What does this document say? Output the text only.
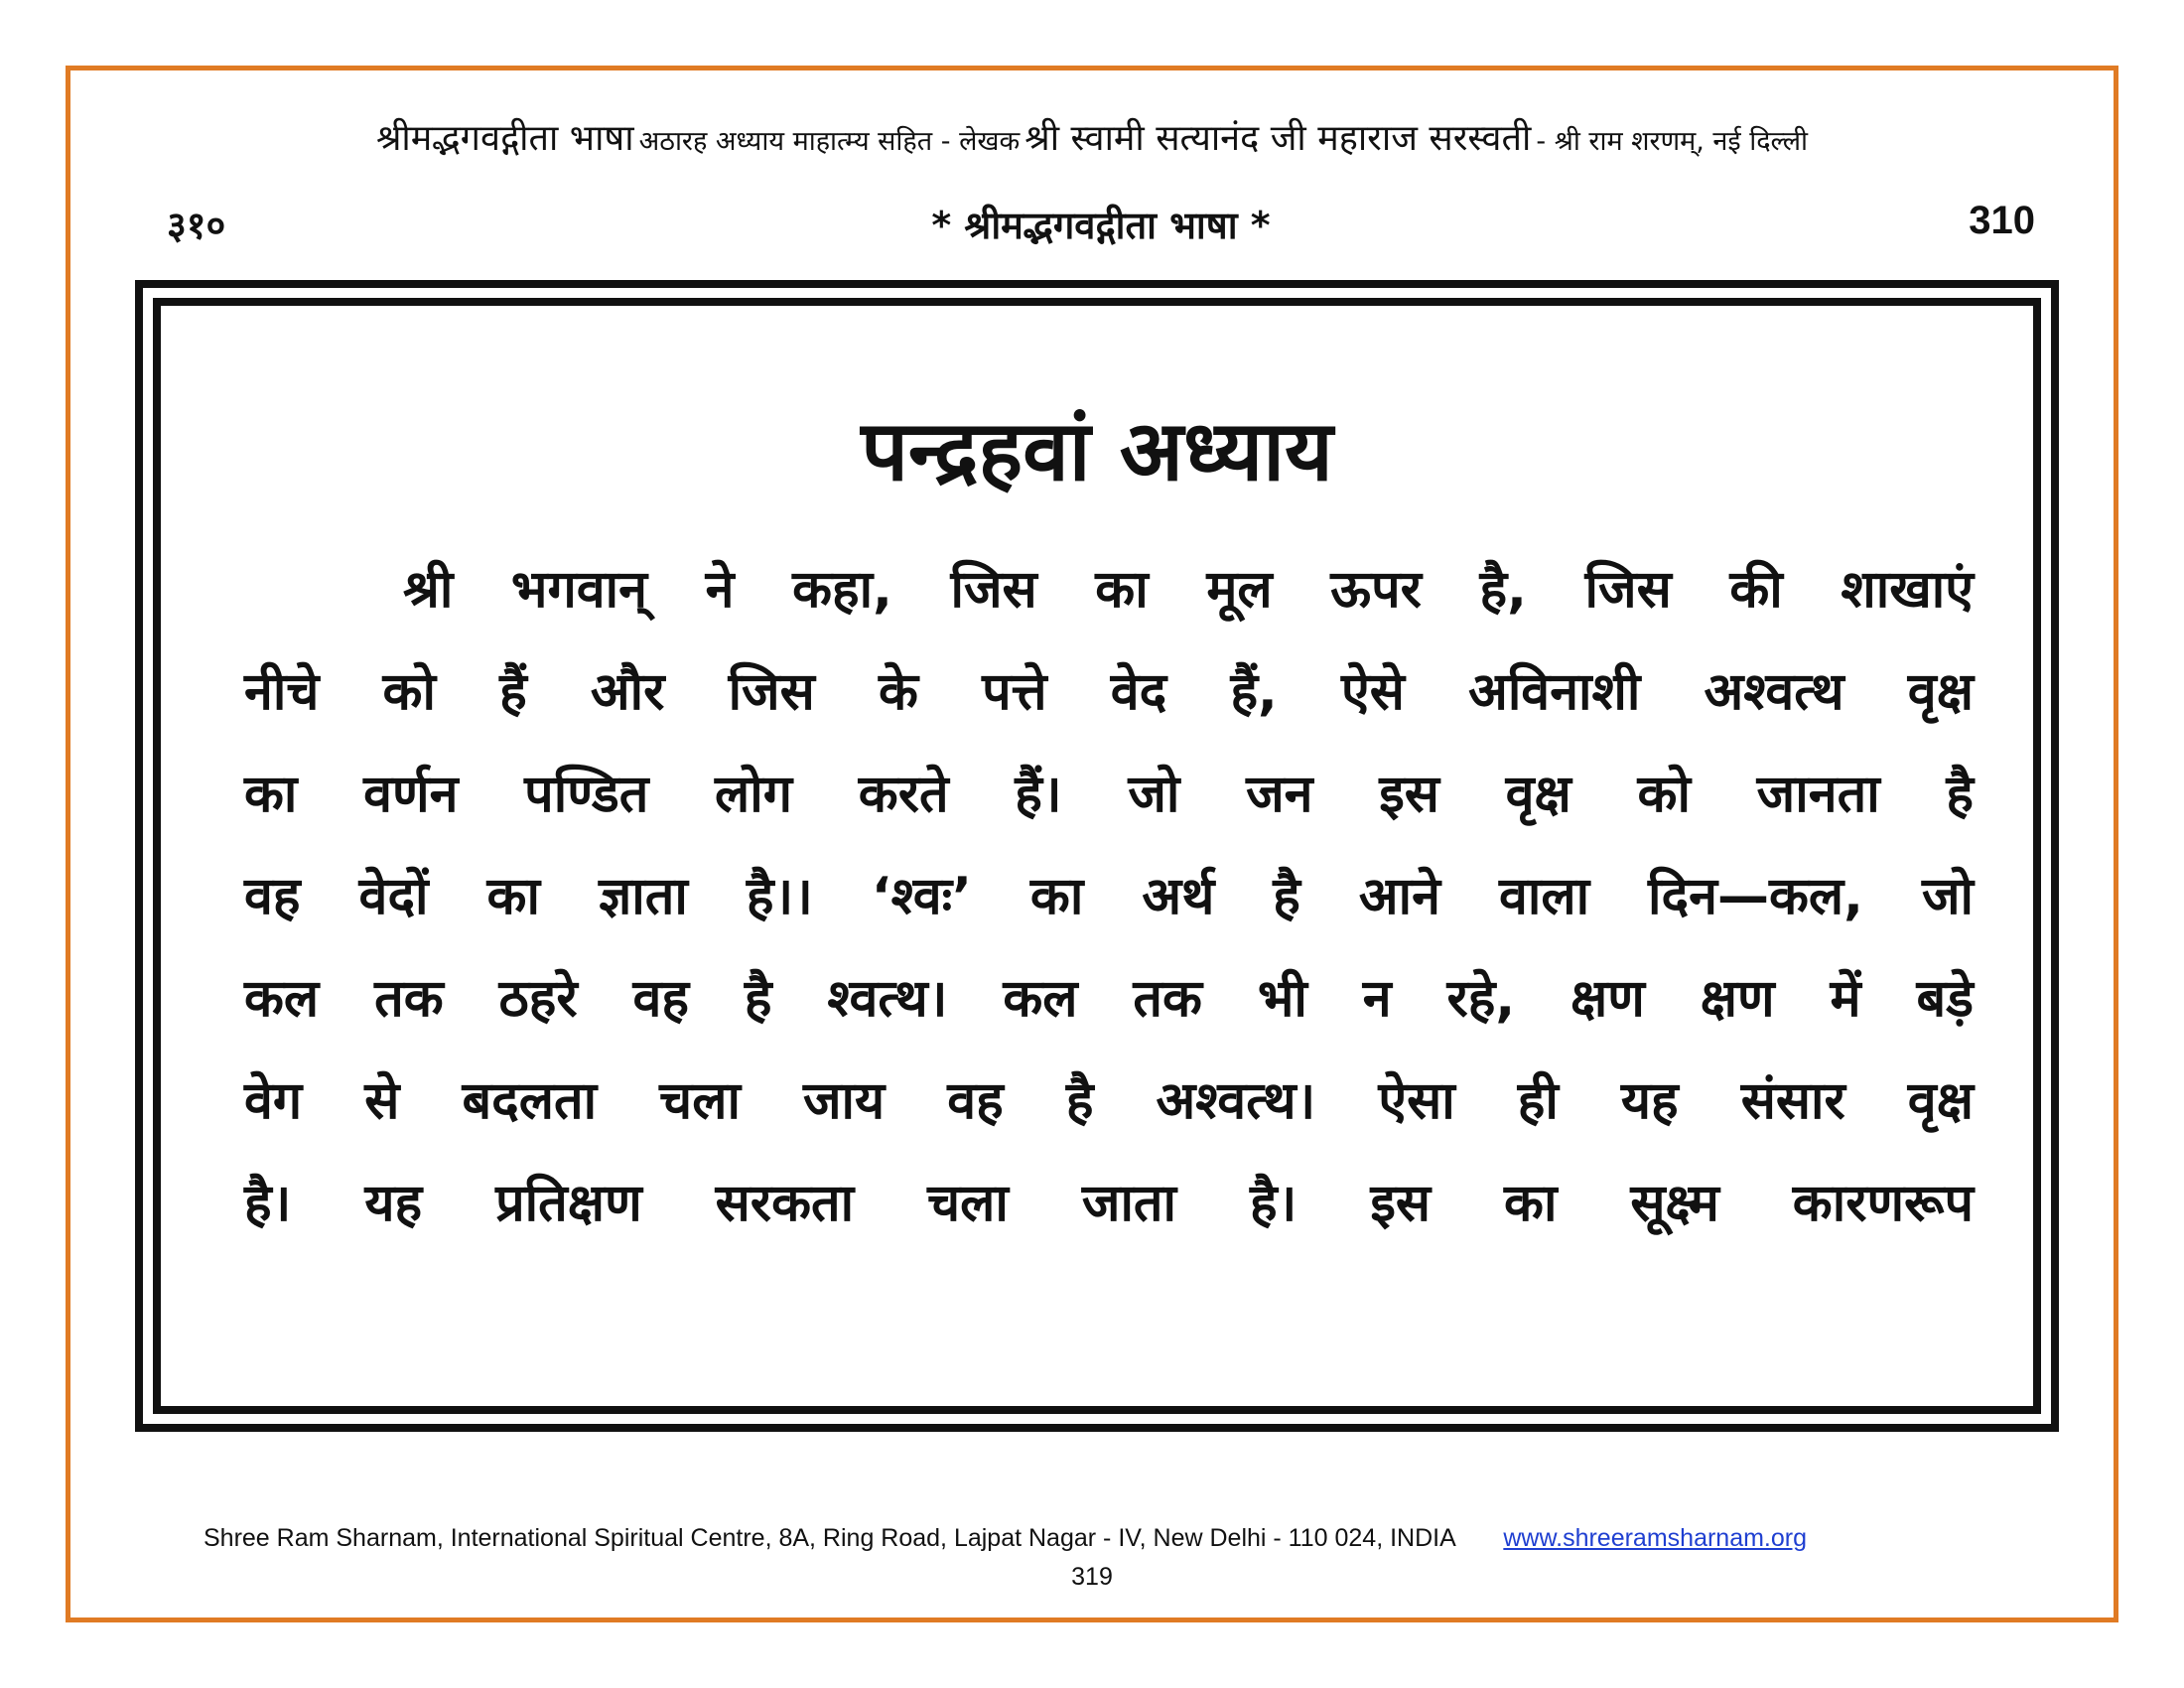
श्रीमद्भगवद्गीता भाषा अठारह अध्याय माहात्म्य सहित - लेखक श्री स्वामी सत्यानंद जी महाराज सरस्वती - श्री राम शरणम्, नई दिल्ली
३१०	* श्रीमद्भगवद्गीता भाषा *	310
पन्द्रहवां अध्याय
श्री भगवान् ने कहा, जिस का मूल ऊपर है, जिस की शाखाएं
नीचे को हैं और जिस के पत्ते वेद हैं, ऐसे अविनाशी अश्वत्थ वृक्ष
का वर्णन पण्डित लोग करते हैं। जो जन इस वृक्ष को जानता है
वह वेदों का ज्ञाता है।। ‘श्वः’ का अर्थ है आने वाला दिन—कल, जो
कल तक ठहरे वह है श्वत्थ। कल तक भी न रहे, क्षण क्षण में बड़े
वेग से बदलता चला जाय वह है अश्वत्थ। ऐसा ही यह संसार वृक्ष
है। यह प्रतिक्षण सरकता चला जाता है। इस का सूक्ष्म कारणरूप
Shree Ram Sharnam, International Spiritual Centre, 8A, Ring Road, Lajpat Nagar - IV, New Delhi - 110 024, INDIA www.shreeramsharnam.org
319
